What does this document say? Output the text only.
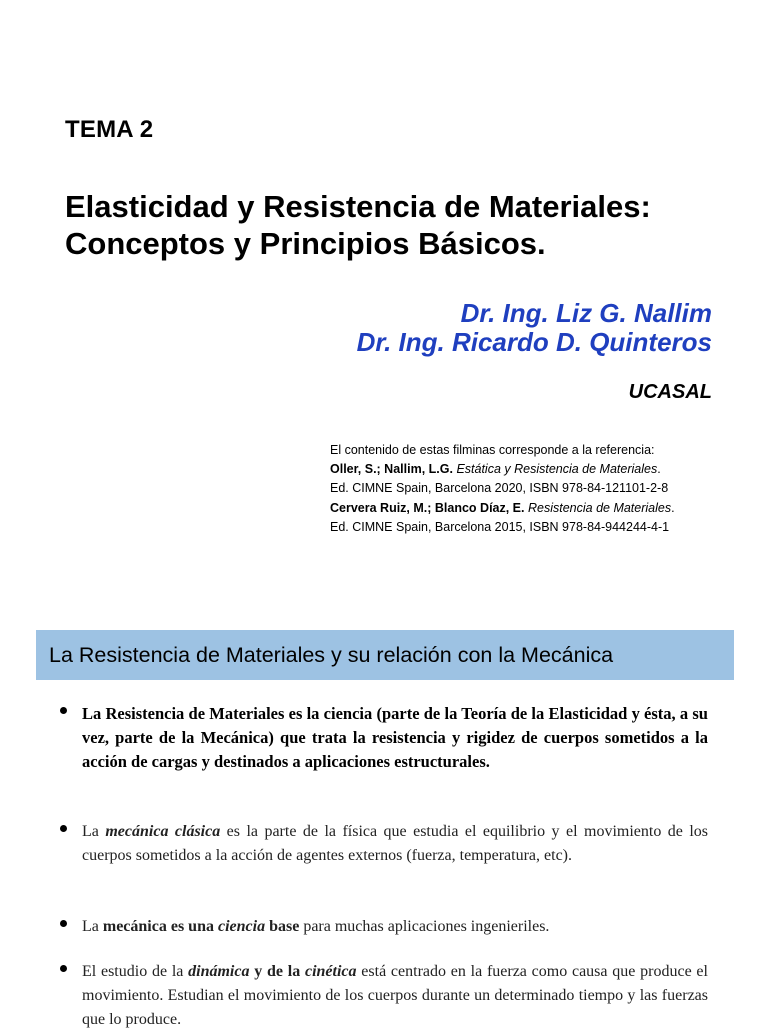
TEMA 2
Elasticidad y Resistencia de Materiales:
Conceptos y Principios Básicos.
Dr. Ing. Liz G. Nallim
Dr. Ing. Ricardo D. Quinteros
UCASAL
El contenido de estas filminas corresponde a la referencia:
Oller, S.; Nallim, L.G. Estática y Resistencia de Materiales.
Ed. CIMNE Spain, Barcelona 2020, ISBN 978-84-121101-2-8
Cervera Ruiz, M.; Blanco Díaz, E. Resistencia de Materiales.
Ed. CIMNE Spain, Barcelona 2015, ISBN 978-84-944244-4-1
La Resistencia de Materiales y su relación con la Mecánica
La Resistencia de Materiales es la ciencia (parte de la Teoría de la Elasticidad y ésta, a su vez, parte de la Mecánica) que trata la resistencia y rigidez de cuerpos sometidos a la acción de cargas y destinados a aplicaciones estructurales.
La mecánica clásica es la parte de la física que estudia el equilibrio y el movimiento de los cuerpos sometidos a la acción de agentes externos (fuerza, temperatura, etc).
La mecánica es una ciencia base para muchas aplicaciones ingenieriles.
El estudio de la dinámica y de la cinética está centrado en la fuerza como causa que produce el movimiento. Estudian el movimiento de los cuerpos durante un determinado tiempo y las fuerzas que lo produce.
